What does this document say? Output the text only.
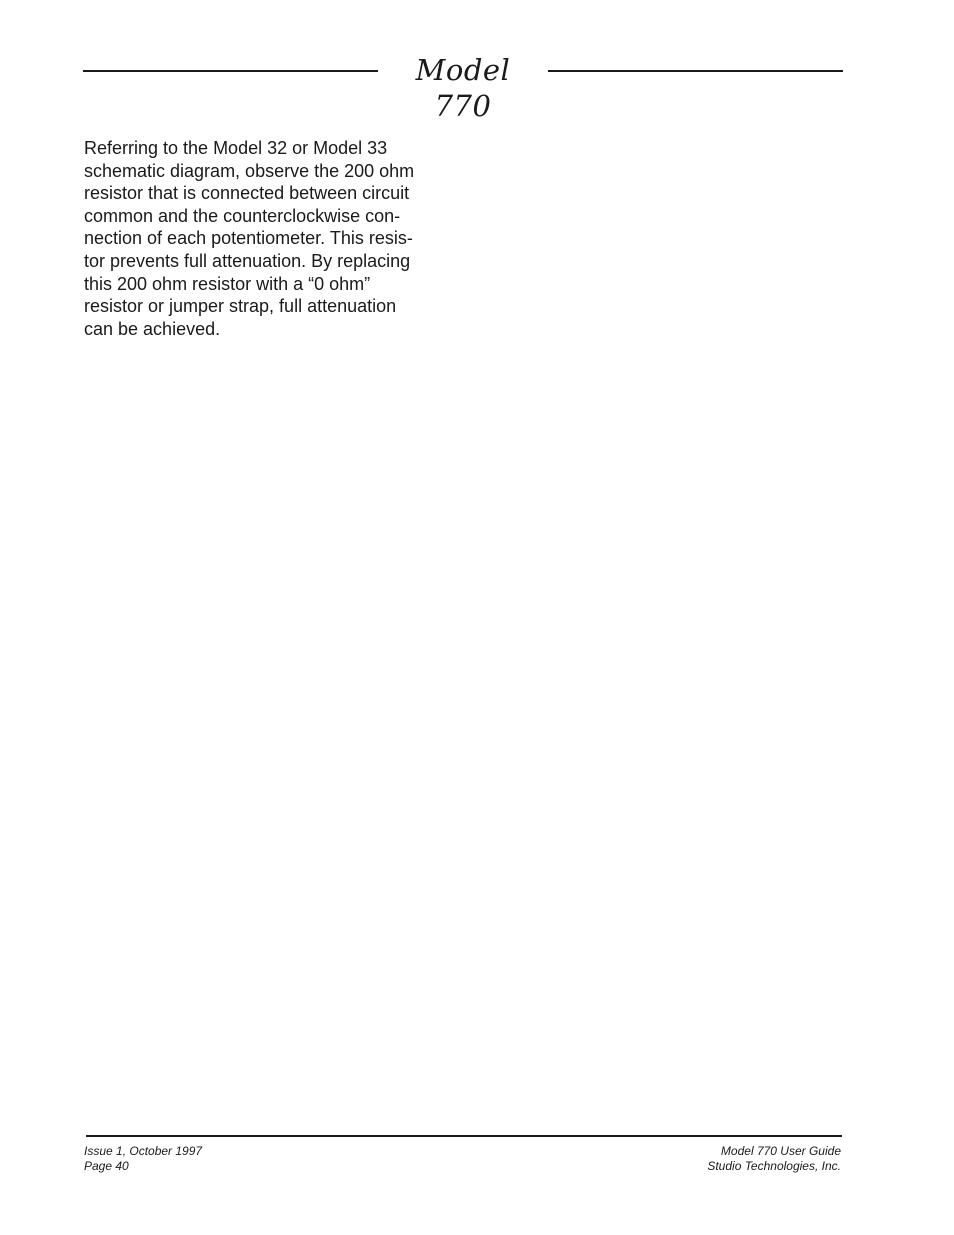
Model 770
Referring to the Model 32 or Model 33
schematic diagram, observe the 200 ohm
resistor that is connected between circuit
common and the counterclockwise con-
nection of each potentiometer. This resis-
tor prevents full attenuation. By replacing
this 200 ohm resistor with a “0 ohm”
resistor or jumper strap, full attenuation
can be achieved.
Issue 1, October 1997
Page 40
Model 770 User Guide
Studio Technologies, Inc.
